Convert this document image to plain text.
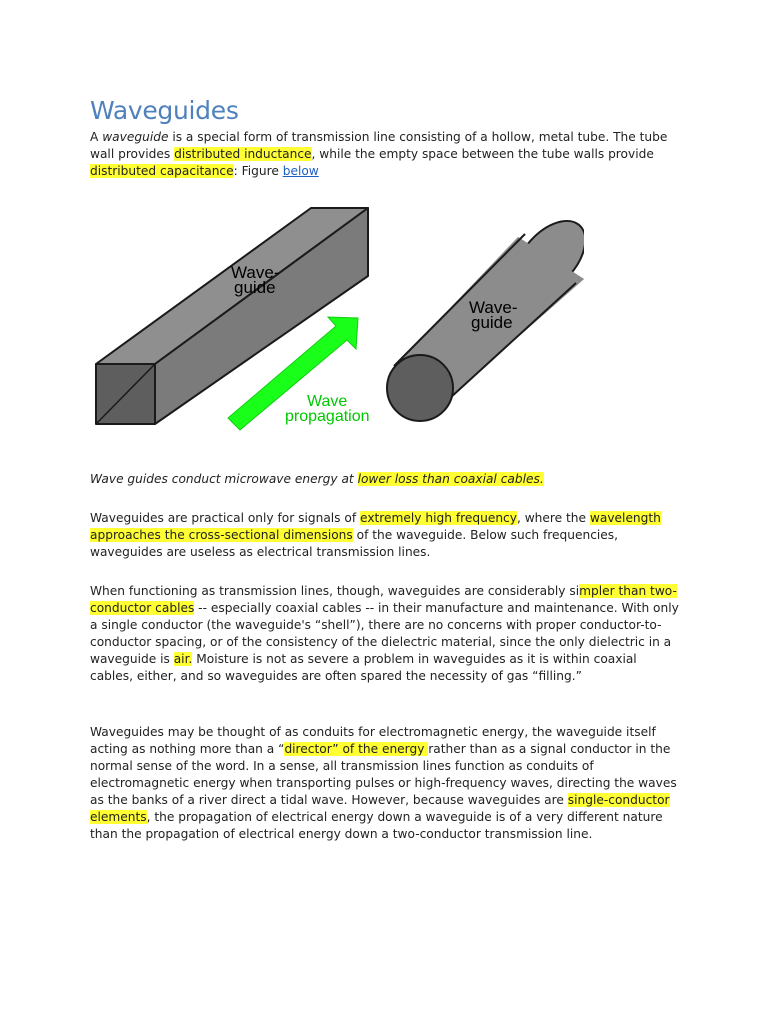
Waveguides

A waveguide is a special form of transmission line consisting of a hollow, metal tube. The tube wall provides distributed inductance, while the empty space between the tube walls provide distributed capacitance: Figure below

Wave-
guide
Wave
propagation
Wave-
guide

Wave guides conduct microwave energy at lower loss than coaxial cables.

Waveguides are practical only for signals of extremely high frequency, where the wavelength approaches the cross-sectional dimensions of the waveguide. Below such frequencies, waveguides are useless as electrical transmission lines.

When functioning as transmission lines, though, waveguides are considerably simpler than two-conductor cables -- especially coaxial cables -- in their manufacture and maintenance. With only a single conductor (the waveguide's “shell”), there are no concerns with proper conductor-to-conductor spacing, or of the consistency of the dielectric material, since the only dielectric in a waveguide is air. Moisture is not as severe a problem in waveguides as it is within coaxial cables, either, and so waveguides are often spared the necessity of gas “filling.”

Waveguides may be thought of as conduits for electromagnetic energy, the waveguide itself acting as nothing more than a “director” of the energy rather than as a signal conductor in the normal sense of the word. In a sense, all transmission lines function as conduits of electromagnetic energy when transporting pulses or high-frequency waves, directing the waves as the banks of a river direct a tidal wave. However, because waveguides are single-conductor elements, the propagation of electrical energy down a waveguide is of a very different nature than the propagation of electrical energy down a two-conductor transmission line.
